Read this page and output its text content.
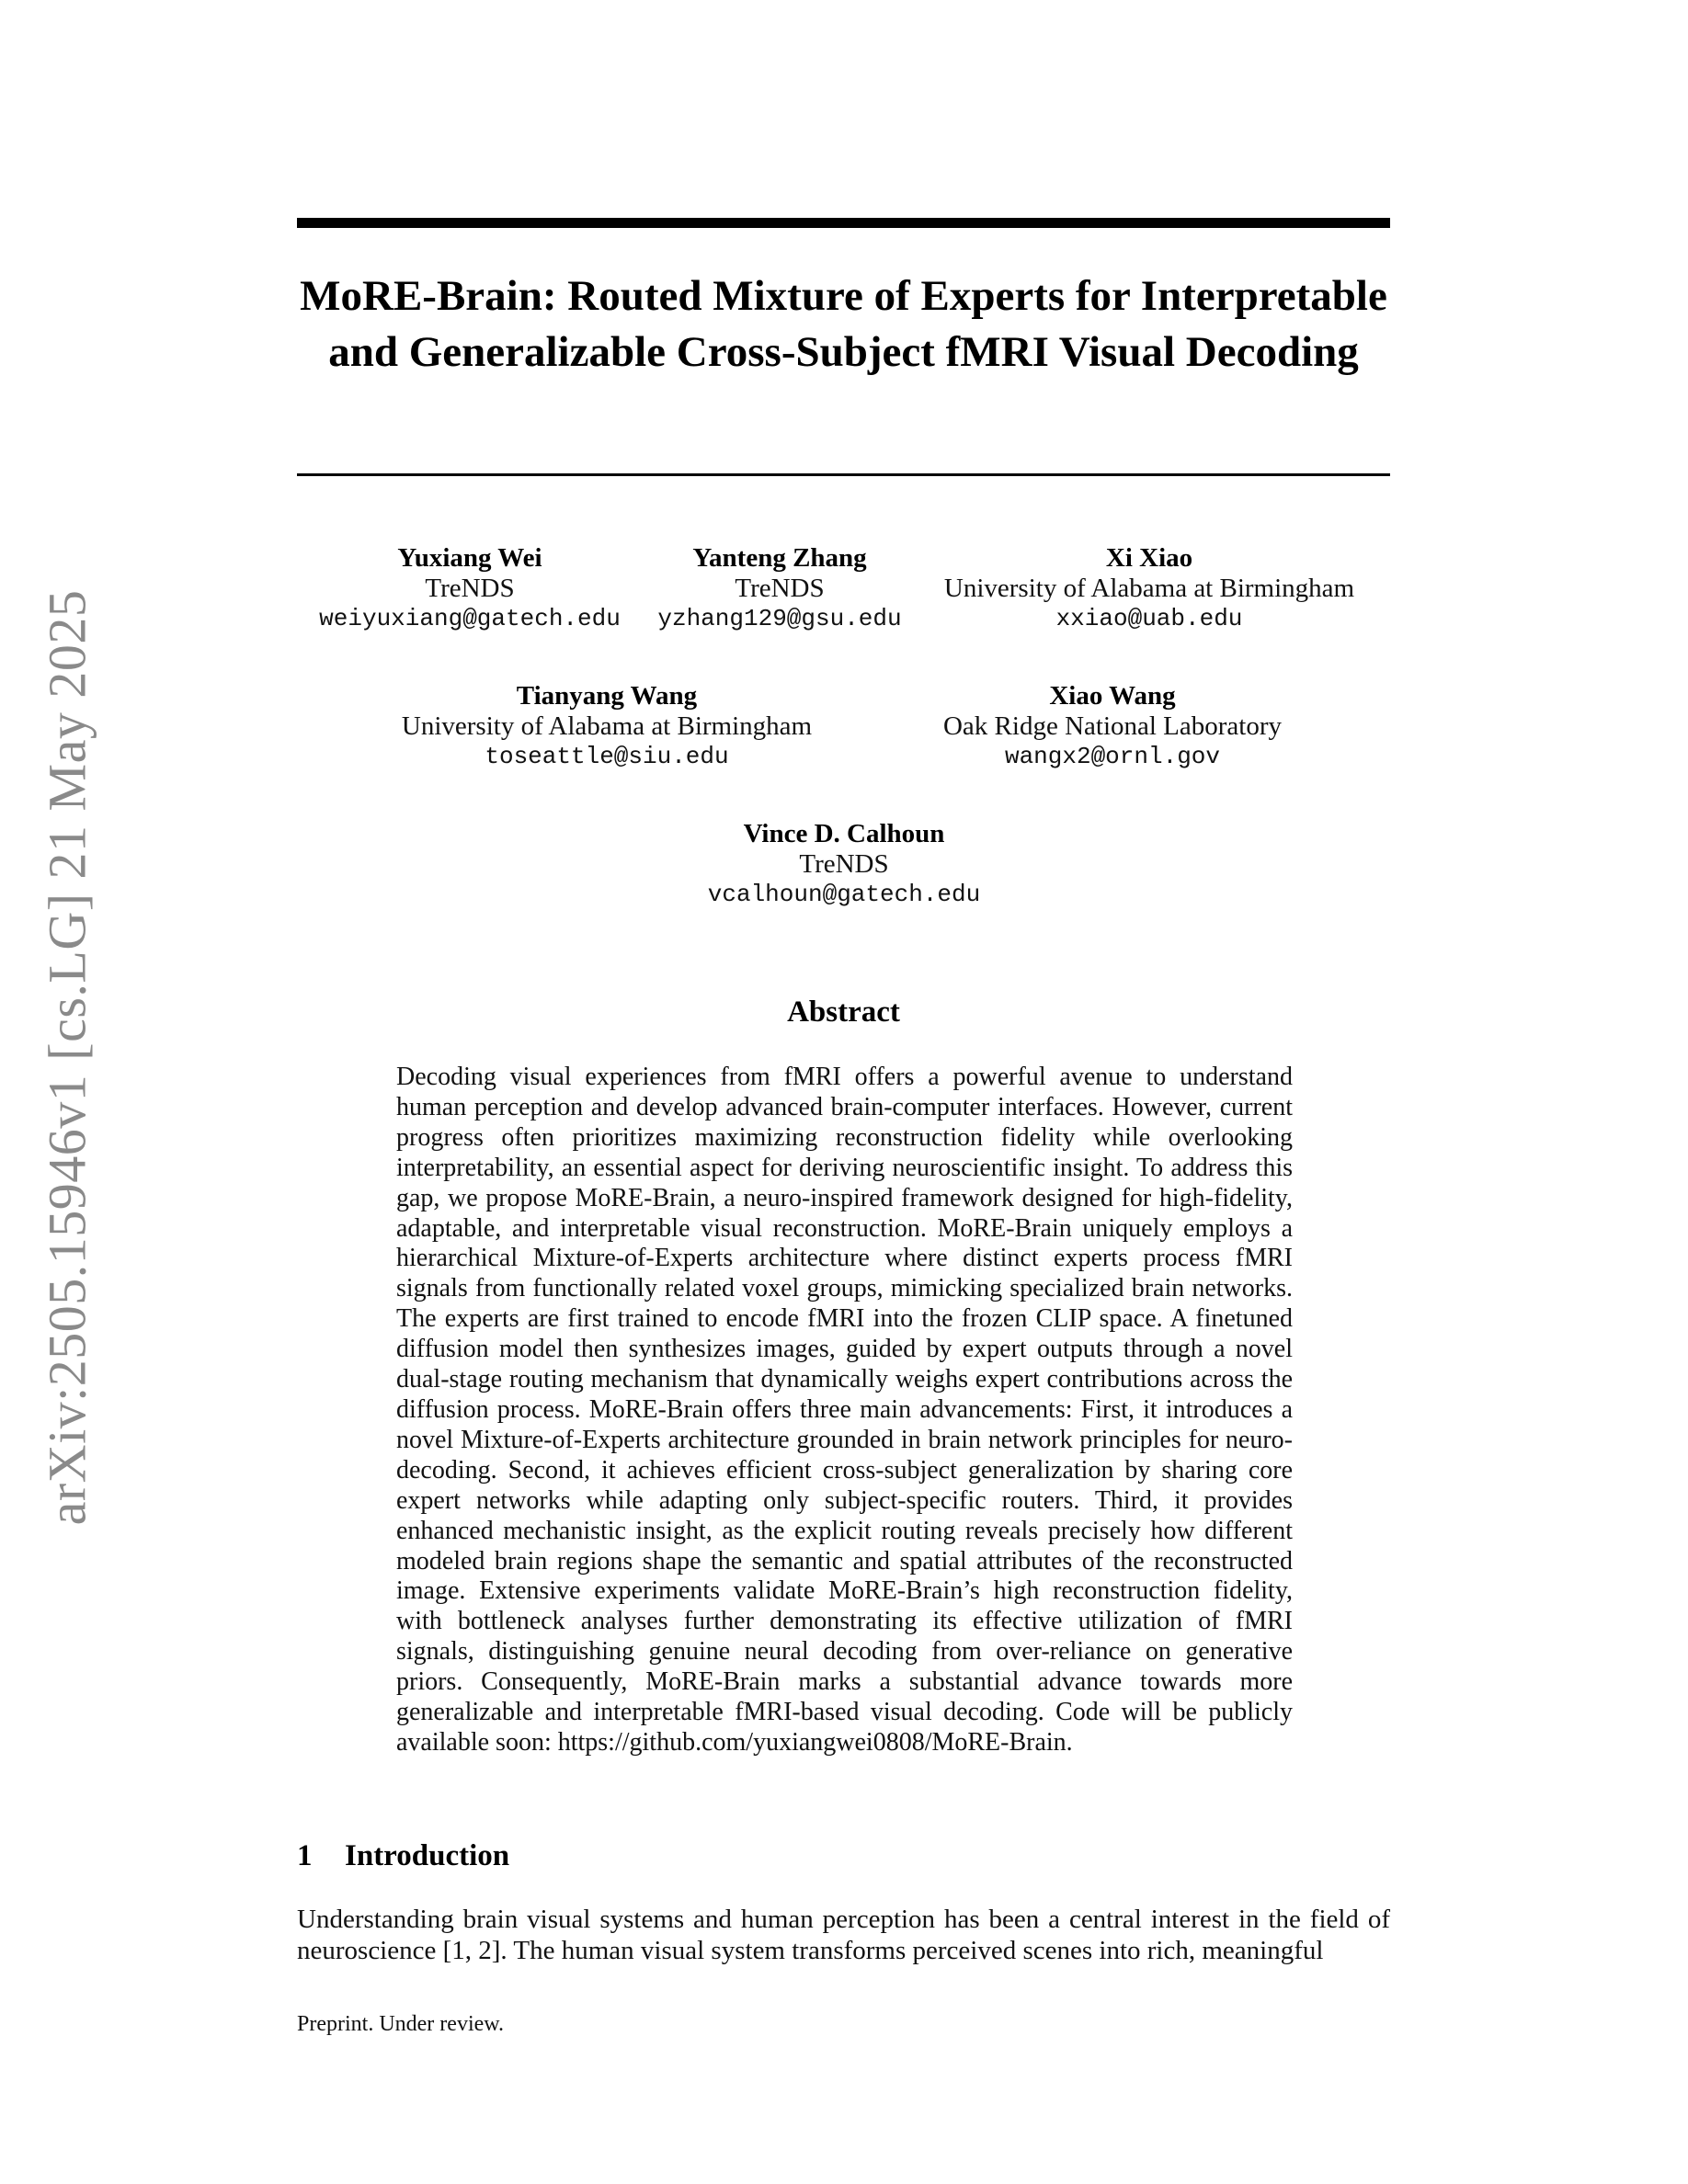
arXiv:2505.15946v1 [cs.LG] 21 May 2025
MoRE-Brain: Routed Mixture of Experts for Interpretable and Generalizable Cross-Subject fMRI Visual Decoding
Yuxiang Wei
TreNDS
weiyuxiang@gatech.edu
Yanteng Zhang
TreNDS
yzhang129@gsu.edu
Xi Xiao
University of Alabama at Birmingham
xxiao@uab.edu
Tianyang Wang
University of Alabama at Birmingham
toseattle@siu.edu
Xiao Wang
Oak Ridge National Laboratory
wangx2@ornl.gov
Vince D. Calhoun
TreNDS
vcalhoun@gatech.edu
Abstract

Decoding visual experiences from fMRI offers a powerful avenue to understand human perception and develop advanced brain-computer interfaces. However, current progress often prioritizes maximizing reconstruction fidelity while overlooking interpretability, an essential aspect for deriving neuroscientific insight. To address this gap, we propose MoRE-Brain, a neuro-inspired framework designed for high-fidelity, adaptable, and interpretable visual reconstruction. MoRE-Brain uniquely employs a hierarchical Mixture-of-Experts architecture where distinct experts process fMRI signals from functionally related voxel groups, mimicking specialized brain networks. The experts are first trained to encode fMRI into the frozen CLIP space. A finetuned diffusion model then synthesizes images, guided by expert outputs through a novel dual-stage routing mechanism that dynamically weighs expert contributions across the diffusion process. MoRE-Brain offers three main advancements: First, it introduces a novel Mixture-of-Experts architecture grounded in brain network principles for neuro-decoding. Second, it achieves efficient cross-subject generalization by sharing core expert networks while adapting only subject-specific routers. Third, it provides enhanced mechanistic insight, as the explicit routing reveals precisely how different modeled brain regions shape the semantic and spatial attributes of the reconstructed image. Extensive experiments validate MoRE-Brain’s high reconstruction fidelity, with bottleneck analyses further demonstrating its effective utilization of fMRI signals, distinguishing genuine neural decoding from over-reliance on generative priors. Consequently, MoRE-Brain marks a substantial advance towards more generalizable and interpretable fMRI-based visual decoding. Code will be publicly available soon: https://github.com/yuxiangwei0808/MoRE-Brain.

1 Introduction

Understanding brain visual systems and human perception has been a central interest in the field of neuroscience [1, 2]. The human visual system transforms perceived scenes into rich, meaningful

Preprint. Under review.
